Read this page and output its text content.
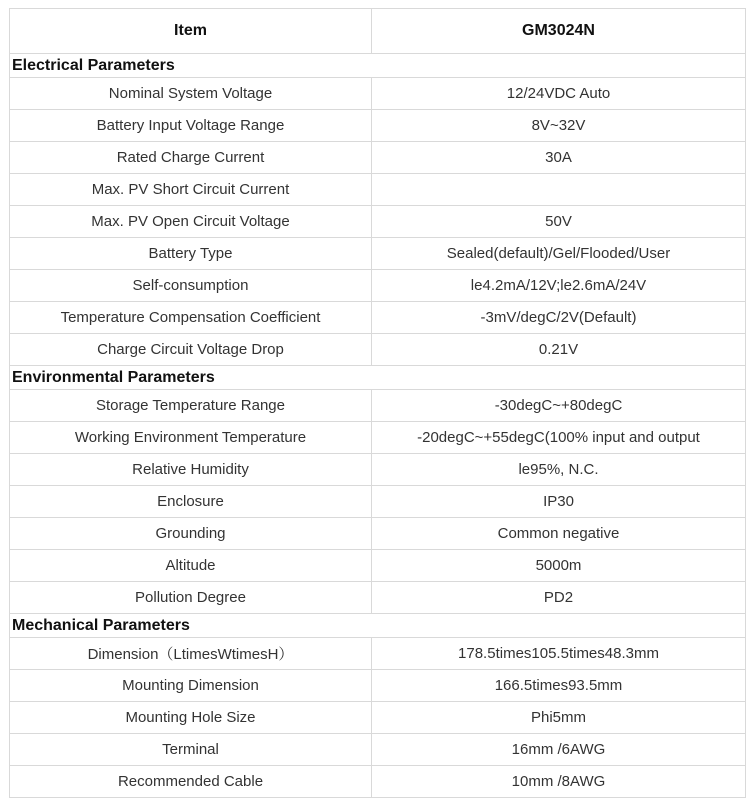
Item	GM3024N
Electrical Parameters	
Nominal System Voltage	12/24VDC Auto
Battery Input Voltage Range	8V~32V
Rated Charge Current	30A
Max. PV Short Circuit Current	
Max. PV Open Circuit Voltage	50V
Battery Type	Sealed(default)/Gel/Flooded/User
Self-consumption	le4.2mA/12V;le2.6mA/24V
Temperature Compensation Coefficient	-3mV/degC/2V(Default)
Charge Circuit Voltage Drop	0.21V
Environmental Parameters	
Storage Temperature Range	-30degC~+80degC
Working Environment Temperature	-20degC~+55degC(100% input and output
Relative Humidity	le95%, N.C.
Enclosure	IP30
Grounding	Common negative
Altitude	5000m
Pollution Degree	PD2
Mechanical Parameters	
Dimension（LtimesWtimesH）	178.5times105.5times48.3mm
Mounting Dimension	166.5times93.5mm
Mounting Hole Size	Phi5mm
Terminal	16mm /6AWG
Recommended Cable	10mm /8AWG
